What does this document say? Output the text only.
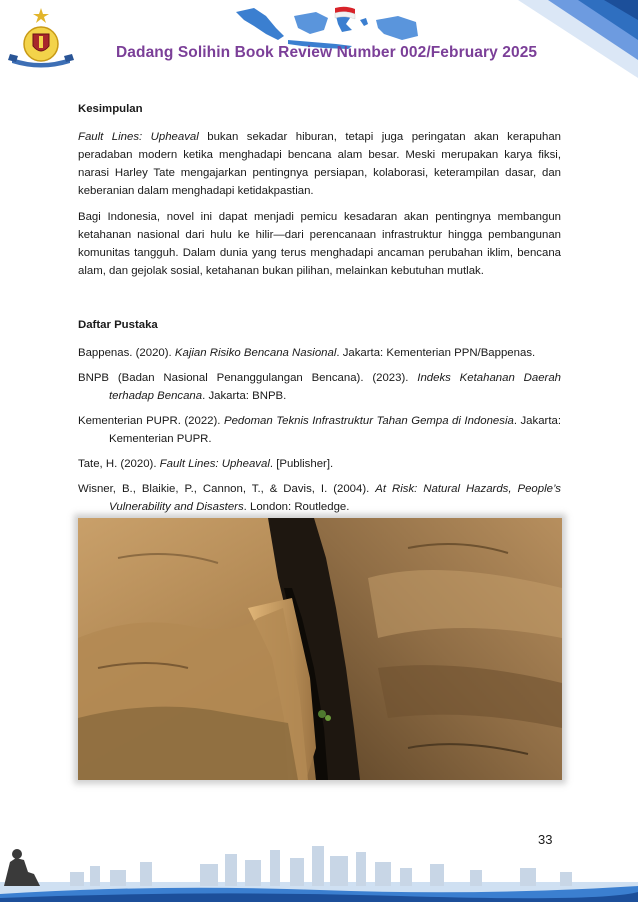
Dadang Solihin Book Review Number 002/February 2025
Kesimpulan

Fault Lines: Upheaval bukan sekadar hiburan, tetapi juga peringatan akan kerapuhan peradaban modern ketika menghadapi bencana alam besar. Meski merupakan karya fiksi, narasi Harley Tate mengajarkan pentingnya persiapan, kolaborasi, keterampilan dasar, dan keberanian dalam menghadapi ketidakpastian.

Bagi Indonesia, novel ini dapat menjadi pemicu kesadaran akan pentingnya membangun ketahanan nasional dari hulu ke hilir—dari perencanaan infrastruktur hingga pembangunan komunitas tangguh. Dalam dunia yang terus menghadapi ancaman perubahan iklim, bencana alam, dan gejolak sosial, ketahanan bukan pilihan, melainkan kebutuhan mutlak.

Daftar Pustaka

Bappenas. (2020). Kajian Risiko Bencana Nasional. Jakarta: Kementerian PPN/Bappenas.

BNPB (Badan Nasional Penanggulangan Bencana). (2023). Indeks Ketahanan Daerah terhadap Bencana. Jakarta: BNPB.

Kementerian PUPR. (2022). Pedoman Teknis Infrastruktur Tahan Gempa di Indonesia. Jakarta: Kementerian PUPR.

Tate, H. (2020). Fault Lines: Upheaval. [Publisher].

Wisner, B., Blaikie, P., Cannon, T., & Davis, I. (2004). At Risk: Natural Hazards, People’s Vulnerability and Disasters. London: Routledge.

33
